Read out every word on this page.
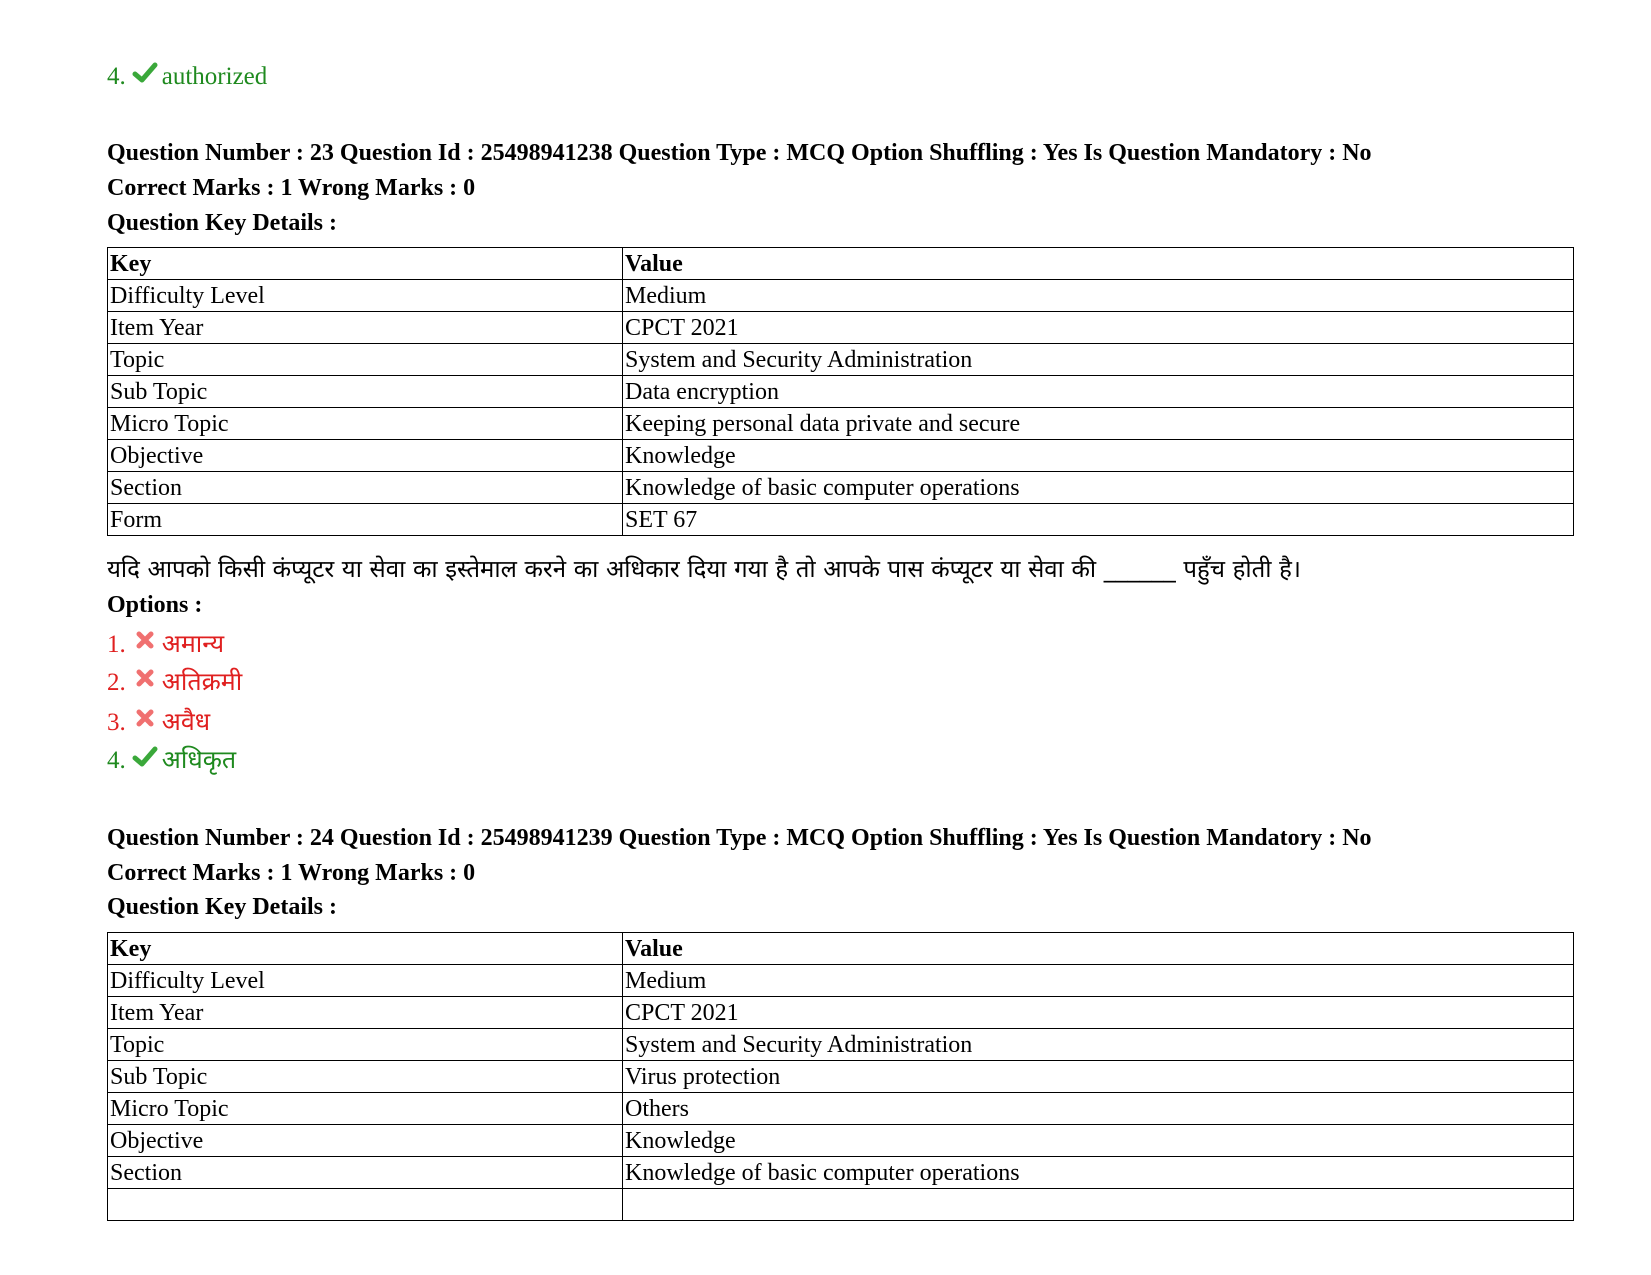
4. authorized
Question Number : 23 Question Id : 25498941238 Question Type : MCQ Option Shuffling : Yes Is Question Mandatory : No
Correct Marks : 1 Wrong Marks : 0
Question Key Details :
Key	Value
Difficulty Level	Medium
Item Year	CPCT 2021
Topic	System and Security Administration
Sub Topic	Data encryption
Micro Topic	Keeping personal data private and secure
Objective	Knowledge
Section	Knowledge of basic computer operations
Form	SET 67
यदि आपको किसी कंप्यूटर या सेवा का इस्तेमाल करने का अधिकार दिया गया है तो आपके पास कंप्यूटर या सेवा की ______ पहुँच होती है।
Options :
1. अमान्य
2. अतिक्रमी
3. अवैध
4. अधिकृत
Question Number : 24 Question Id : 25498941239 Question Type : MCQ Option Shuffling : Yes Is Question Mandatory : No
Correct Marks : 1 Wrong Marks : 0
Question Key Details :
Key	Value
Difficulty Level	Medium
Item Year	CPCT 2021
Topic	System and Security Administration
Sub Topic	Virus protection
Micro Topic	Others
Objective	Knowledge
Section	Knowledge of basic computer operations
